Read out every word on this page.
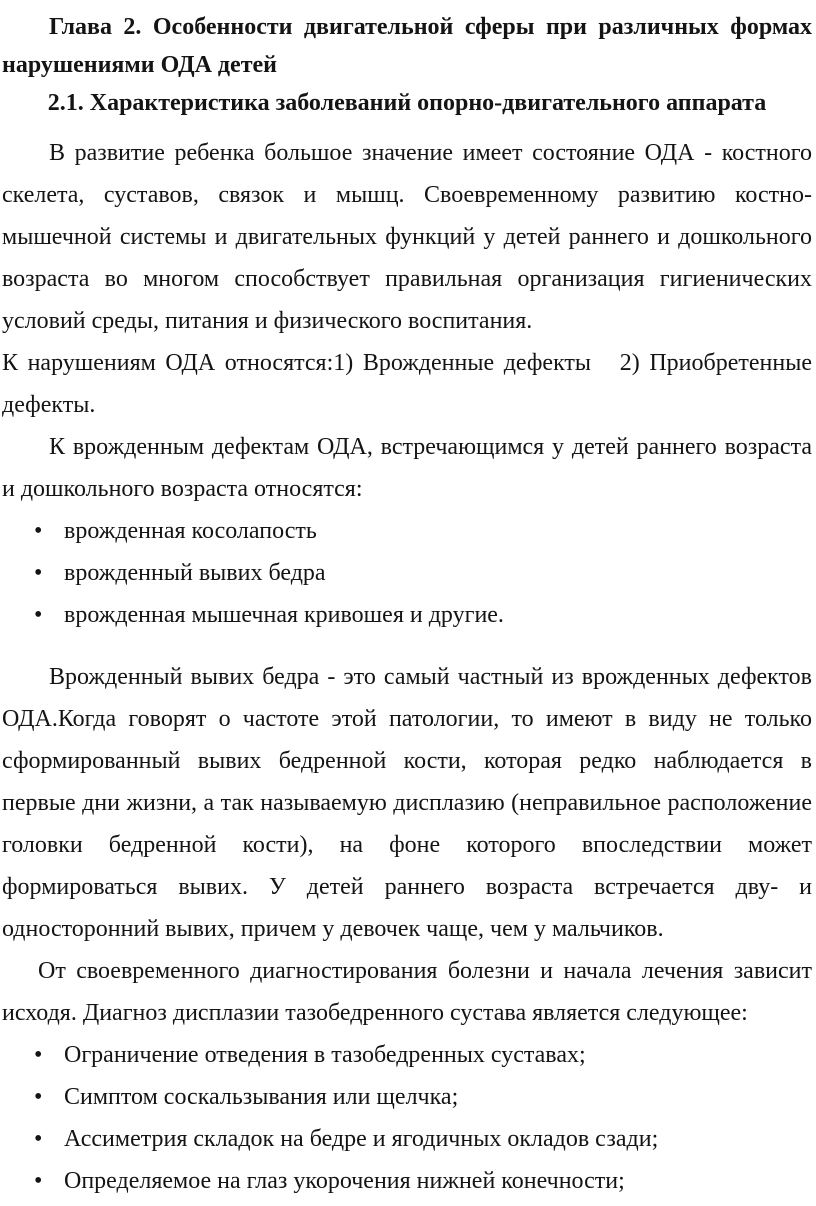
Глава 2. Особенности двигательной сферы при различных формах
нарушениями ОДА детей
2.1. Характеристика заболеваний опорно-двигательного аппарата
В развитие ребенка большое значение имеет состояние ОДА - костного
скелета, суставов, связок и мышц. Своевременному развитию костно-
мышечной системы и двигательных функций у детей раннего и дошкольного
возраста во многом способствует правильная организация гигиенических
условий среды, питания и физического воспитания.
К нарушениям ОДА относятся:1) Врожденные дефекты   2) Приобретенные
дефекты.
К врожденным дефектам ОДА, встречающимся у детей раннего возраста
и дошкольного возраста относятся:
• врожденная косолапость
• врожденный вывих бедра
• врожденная мышечная кривошея и другие.
Врожденный вывих бедра - это самый частный из врожденных дефектов
ОДА.Когда говорят о частоте этой патологии, то имеют в виду не только
сформированный вывих бедренной кости, которая редко наблюдается в
первые дни жизни, а так называемую дисплазию (неправильное расположение
головки бедренной кости), на фоне которого впоследствии может
формироваться вывих. У детей раннего возраста встречается дву- и
односторонний вывих, причем у девочек чаще, чем у мальчиков.
От своевременного диагностирования болезни и начала лечения зависит
исходя. Диагноз дисплазии тазобедренного сустава является следующее:
• Ограничение отведения в тазобедренных суставах;
• Симптом соскальзывания или щелчка;
• Ассиметрия складок на бедре и ягодичных окладов сзади;
• Определяемое на глаз укорочения нижней конечности;
